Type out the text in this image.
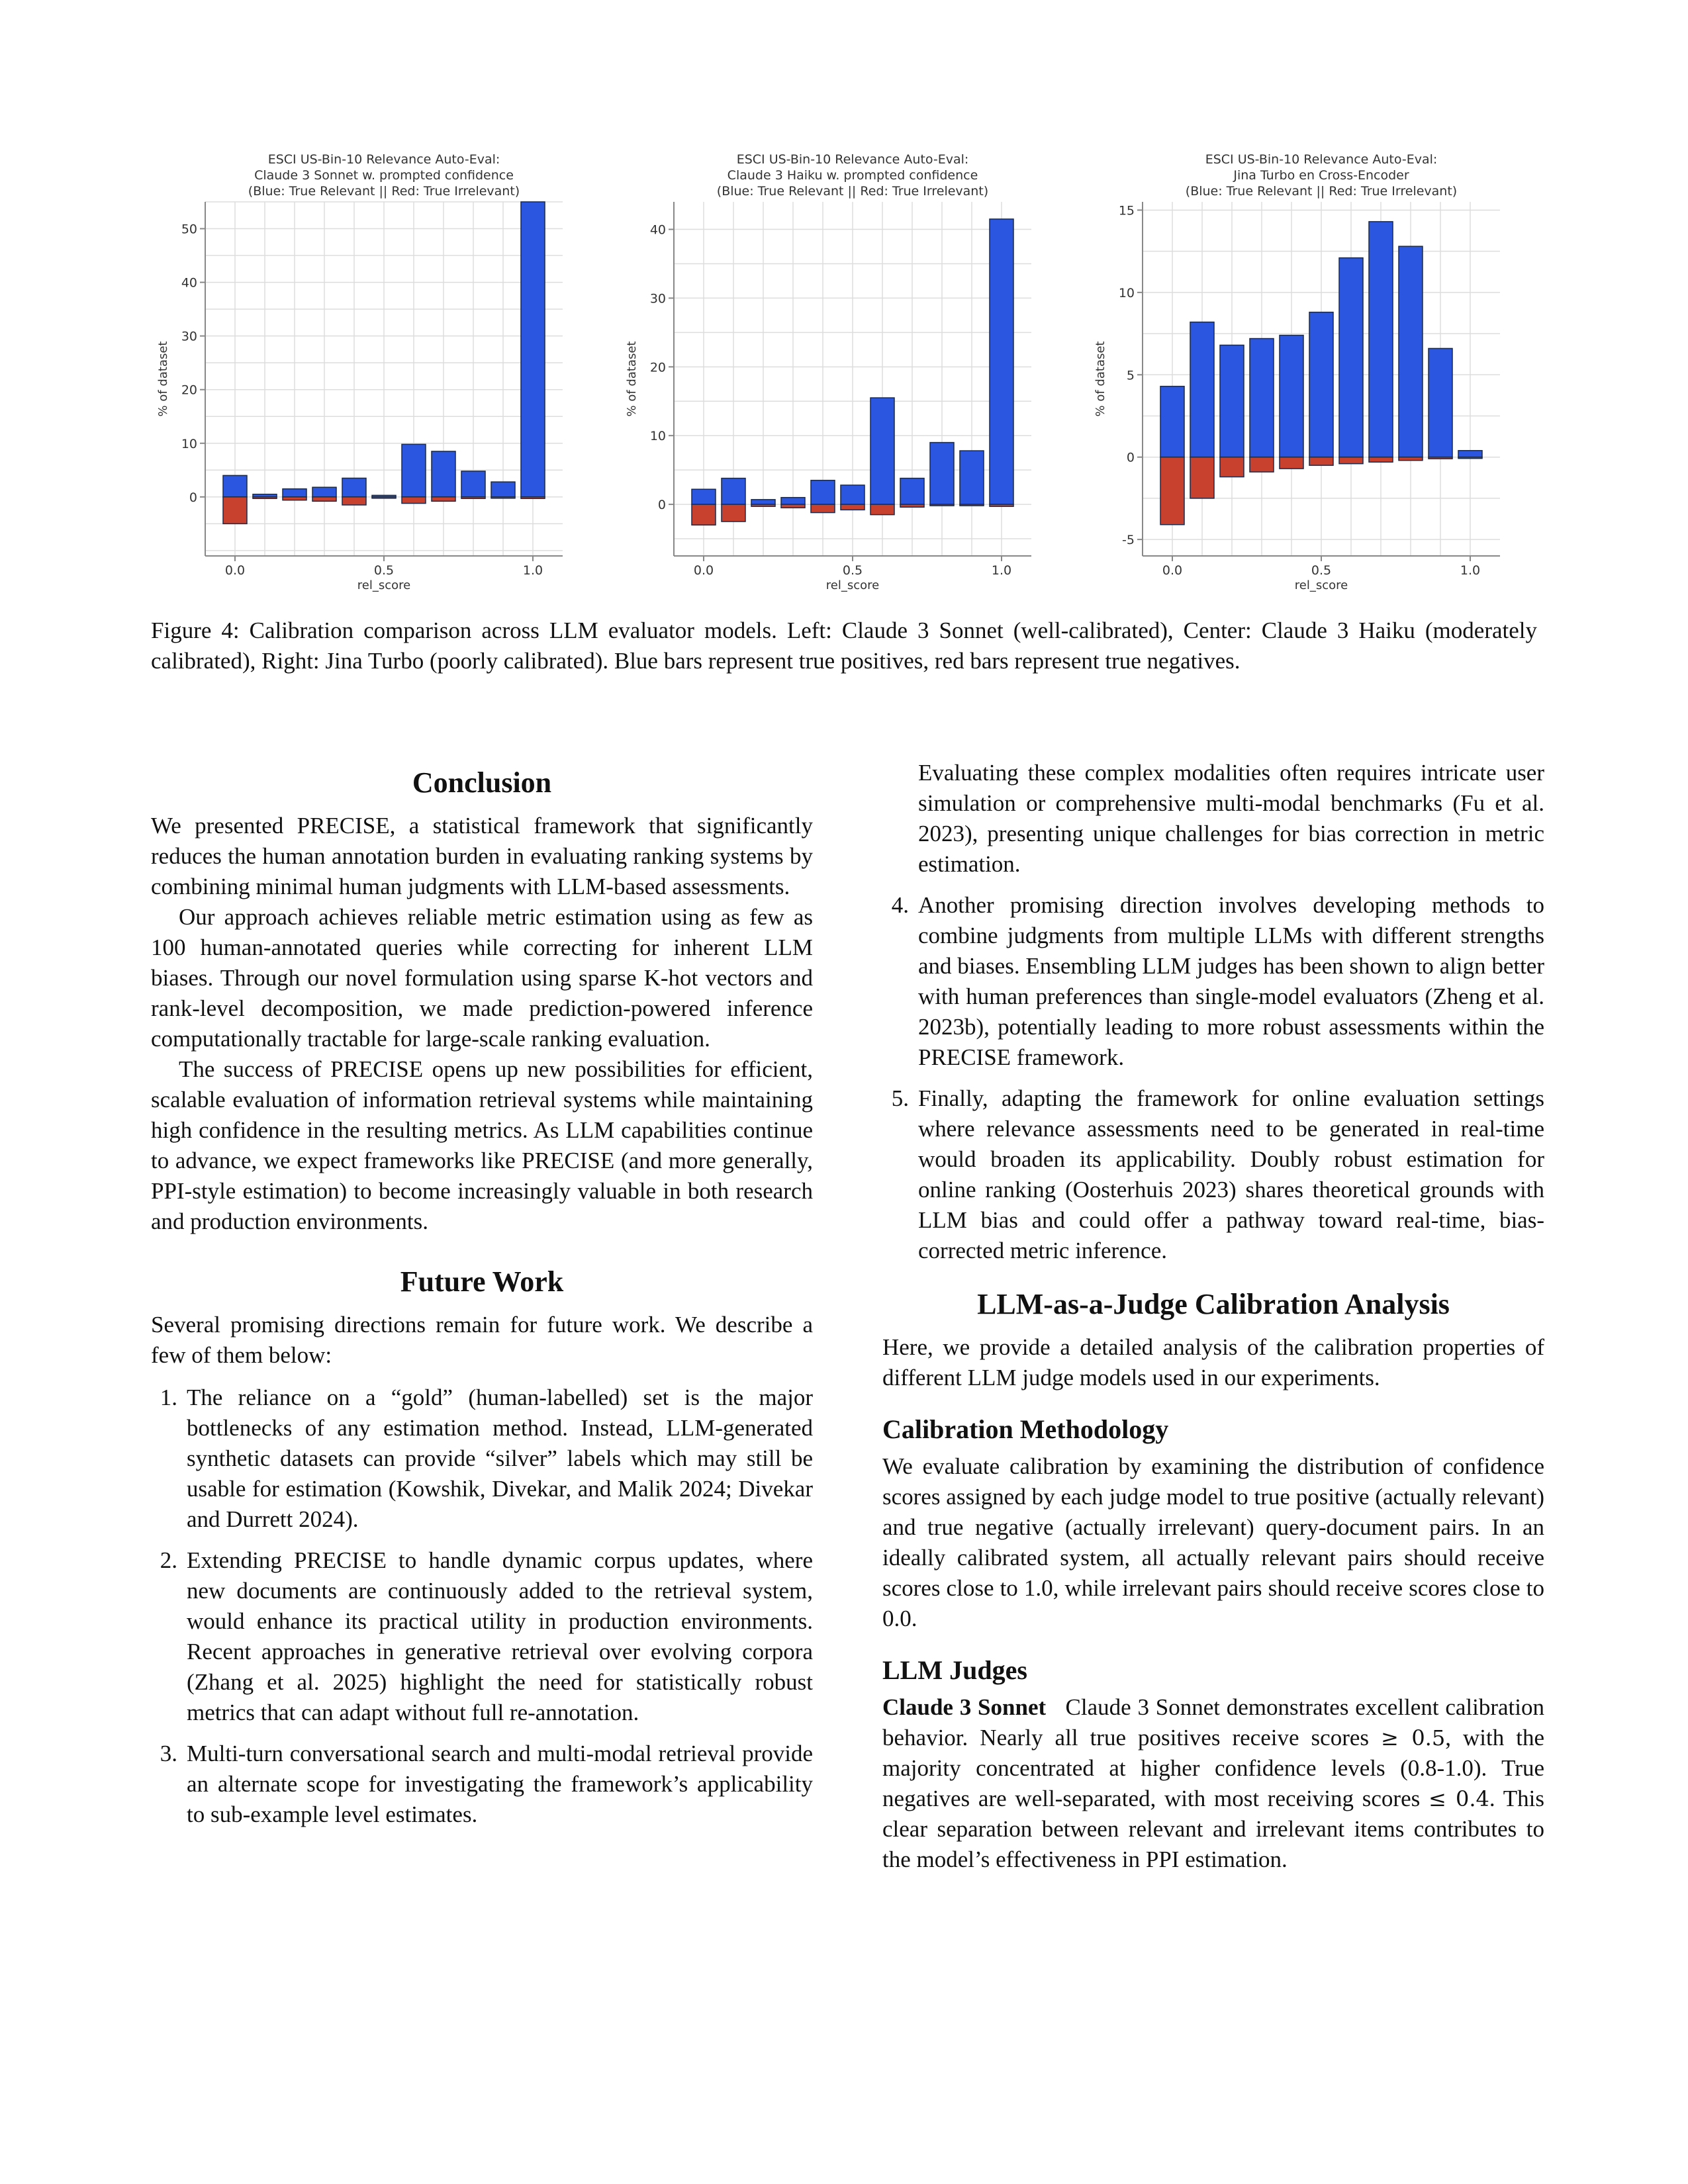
ESCI US-Bin-10 Relevance Auto-Eval:
Claude 3 Sonnet w. prompted confidence
(Blue: True Relevant || Red: True Irrelevant)
0
10
20
30
40
50
0.0	0.5	1.0
rel_score
% of dataset
ESCI US-Bin-10 Relevance Auto-Eval:
Claude 3 Haiku w. prompted confidence
(Blue: True Relevant || Red: True Irrelevant)
0
10
20
30
40
0.0	0.5	1.0
rel_score
% of dataset
ESCI US-Bin-10 Relevance Auto-Eval:
Jina Turbo en Cross-Encoder
(Blue: True Relevant || Red: True Irrelevant)
-5
0
5
10
15
0.0	0.5	1.0
rel_score
% of dataset
Figure 4: Calibration comparison across LLM evaluator models. Left: Claude 3 Sonnet (well-calibrated), Center: Claude 3 Haiku (moderately calibrated), Right: Jina Turbo (poorly calibrated). Blue bars represent true positives, red bars represent true negatives.
Conclusion

We presented PRECISE, a statistical framework that significantly reduces the human annotation burden in evaluating ranking systems by combining minimal human judgments with LLM-based assessments.

Our approach achieves reliable metric estimation using as few as 100 human-annotated queries while correcting for inherent LLM biases. Through our novel formulation using sparse K-hot vectors and rank-level decomposition, we made prediction-powered inference computationally tractable for large-scale ranking evaluation.

The success of PRECISE opens up new possibilities for efficient, scalable evaluation of information retrieval systems while maintaining high confidence in the resulting metrics. As LLM capabilities continue to advance, we expect frameworks like PRECISE (and more generally, PPI-style estimation) to become increasingly valuable in both research and production environments.

Future Work

Several promising directions remain for future work. We describe a few of them below:

1. The reliance on a “gold” (human-labelled) set is the major bottlenecks of any estimation method. Instead, LLM-generated synthetic datasets can provide “silver” labels which may still be usable for estimation (Kowshik, Divekar, and Malik 2024; Divekar and Durrett 2024).
2. Extending PRECISE to handle dynamic corpus updates, where new documents are continuously added to the retrieval system, would enhance its practical utility in production environments. Recent approaches in generative retrieval over evolving corpora (Zhang et al. 2025) highlight the need for statistically robust metrics that can adapt without full re-annotation.
3. Multi-turn conversational search and multi-modal retrieval provide an alternate scope for investigating the framework’s applicability to sub-example level estimates.
Evaluating these complex modalities often requires intricate user simulation or comprehensive multi-modal benchmarks (Fu et al. 2023), presenting unique challenges for bias correction in metric estimation.
4. Another promising direction involves developing methods to combine judgments from multiple LLMs with different strengths and biases. Ensembling LLM judges has been shown to align better with human preferences than single-model evaluators (Zheng et al. 2023b), potentially leading to more robust assessments within the PRECISE framework.
5. Finally, adapting the framework for online evaluation settings where relevance assessments need to be generated in real-time would broaden its applicability. Doubly robust estimation for online ranking (Oosterhuis 2023) shares theoretical grounds with LLM bias and could offer a pathway toward real-time, bias-corrected metric inference.
LLM-as-a-Judge Calibration Analysis

Here, we provide a detailed analysis of the calibration properties of different LLM judge models used in our experiments.

Calibration Methodology

We evaluate calibration by examining the distribution of confidence scores assigned by each judge model to true positive (actually relevant) and true negative (actually irrelevant) query-document pairs. In an ideally calibrated system, all actually relevant pairs should receive scores close to 1.0, while irrelevant pairs should receive scores close to 0.0.

LLM Judges

Claude 3 Sonnet Claude 3 Sonnet demonstrates excellent calibration behavior. Nearly all true positives receive scores ≥ 0.5, with the majority concentrated at higher confidence levels (0.8-1.0). True negatives are well-separated, with most receiving scores ≤ 0.4. This clear separation between relevant and irrelevant items contributes to the model’s effectiveness in PPI estimation.
